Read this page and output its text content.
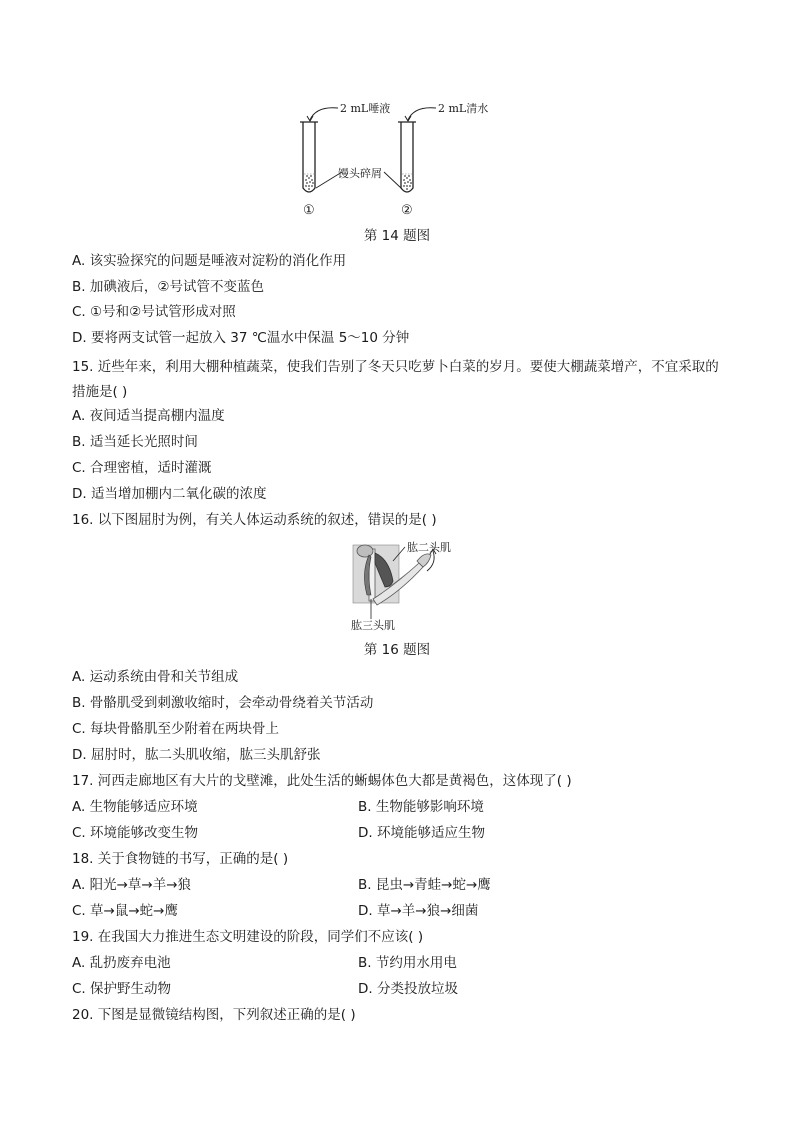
2 mL唾液	2 mL清水
馒头碎屑
①	②
第 14 题图
A. 该实验探究的问题是唾液对淀粉的消化作用
B. 加碘液后，②号试管不变蓝色
C. ①号和②号试管形成对照
D. 要将两支试管一起放入 37 ℃温水中保温 5～10 分钟
15. 近些年来，利用大棚种植蔬菜，使我们告别了冬天只吃萝卜白菜的岁月。要使大棚蔬菜增产，不宜采取的措施是( )
A. 夜间适当提高棚内温度
B. 适当延长光照时间
C. 合理密植，适时灌溉
D. 适当增加棚内二氧化碳的浓度
16. 以下图屈肘为例，有关人体运动系统的叙述，错误的是( )
肱二头肌
肱三头肌
第 16 题图
A. 运动系统由骨和关节组成
B. 骨骼肌受到刺激收缩时，会牵动骨绕着关节活动
C. 每块骨骼肌至少附着在两块骨上
D. 屈肘时，肱二头肌收缩，肱三头肌舒张
17. 河西走廊地区有大片的戈壁滩，此处生活的蜥蜴体色大都是黄褐色，这体现了( )
A. 生物能够适应环境	B. 生物能够影响环境
C. 环境能够改变生物	D. 环境能够适应生物
18. 关于食物链的书写，正确的是( )
A. 阳光→草→羊→狼	B. 昆虫→青蛙→蛇→鹰
C. 草→鼠→蛇→鹰	D. 草→羊→狼→细菌
19. 在我国大力推进生态文明建设的阶段，同学们不应该( )
A. 乱扔废弃电池	B. 节约用水用电
C. 保护野生动物	D. 分类投放垃圾
20. 下图是显微镜结构图，下列叙述正确的是( )
